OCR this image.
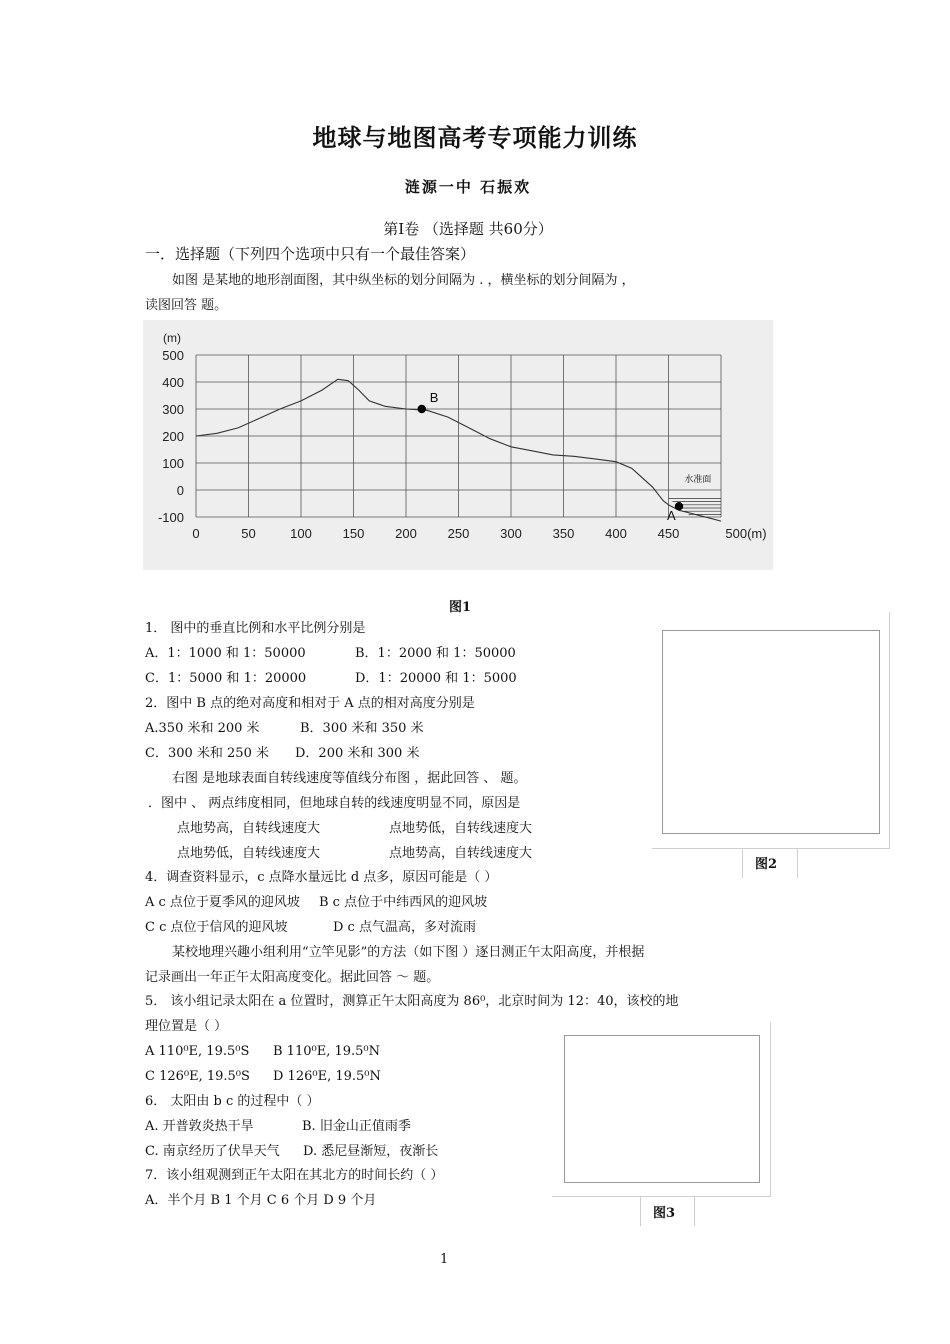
地球与地图高考专项能力训练
涟源一中 石振欢
第Ⅰ卷 （选择题 共60分）
一．选择题（下列四个选项中只有一个最佳答案）
如图 是某地的地形剖面图，其中纵坐标的划分间隔为 . ，横坐标的划分间隔为 ，
读图回答 题。
500
400
300
200
100
0
-100
(m)
0	50	100 150 200 250 300 350 400 450	500(m)
水准面
B
A
图1
图2
图3
1． 图中的垂直比例和水平比例分别是
A．1：1000 和 1：50000	B．1：2000 和 1：50000
C．1：5000 和 1：20000	D．1：20000 和 1：5000
2．图中 B 点的绝对高度和相对于 A 点的相对高度分别是
A.350 米和 200 米	B．300 米和 350 米
C．300 米和 250 米 D．200 米和 300 米
右图 是地球表面自转线速度等值线分布图 ，据此回答 、 题。
．图中 、 两点纬度相同，但地球自转的线速度明显不同，原因是
点地势高，自转线速度大	点地势低，自转线速度大
点地势低，自转线速度大	点地势高，自转线速度大
4．调查资料显示，c 点降水量远比 d 点多，原因可能是（ ）
A c 点位于夏季风的迎风坡 B c 点位于中纬西风的迎风坡
C c 点位于信风的迎风坡	D c 点气温高，多对流雨
某校地理兴趣小组利用“立竿见影”的方法（如下图 ）逐日测正午太阳高度，并根据
记录画出一年正午太阳高度变化。据此回答 ～ 题。
5． 该小组记录太阳在 a 位置时，测算正午太阳高度为 86⁰，北京时间为 12：40，该校的地
理位置是（ ）
A 110⁰E, 19.5⁰S B 110⁰E, 19.5⁰N
C 126⁰E, 19.5⁰S D 126⁰E, 19.5⁰N
6． 太阳由 b c 的过程中（ ）
A. 开普敦炎热干旱	B. 旧金山正值雨季
C. 南京经历了伏旱天气 D. 悉尼昼渐短，夜渐长
7．该小组观测到正午太阳在其北方的时间长约（ ）
A．半个月 B 1 个月 C 6 个月 D 9 个月
1
